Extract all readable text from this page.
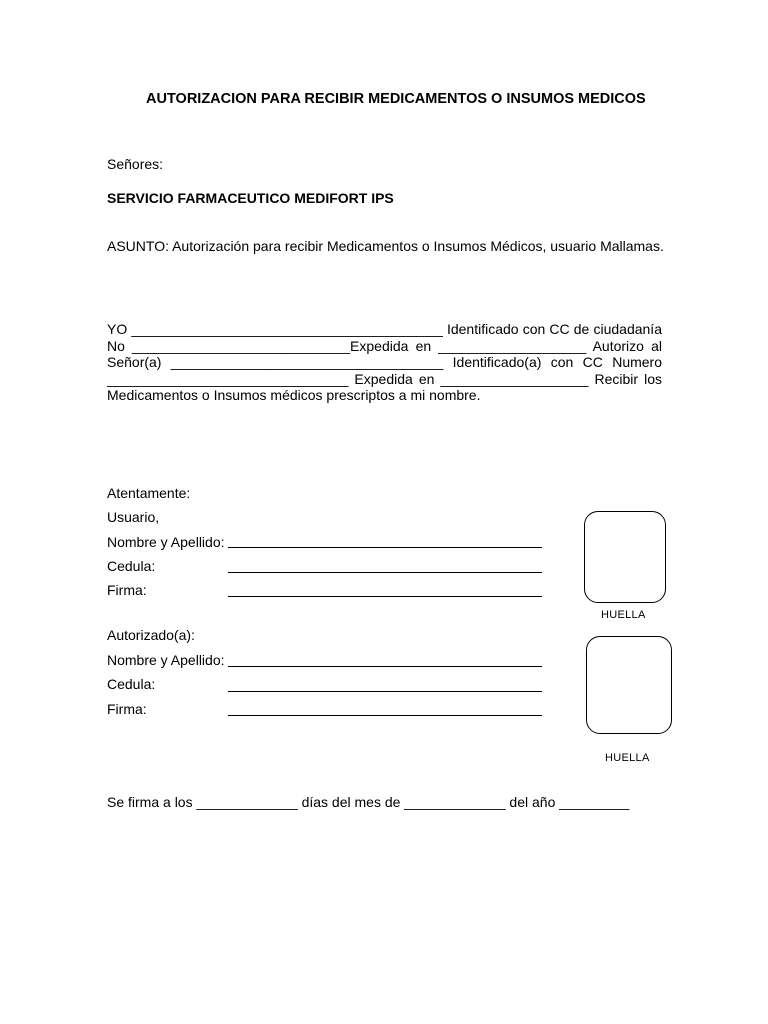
AUTORIZACION PARA RECIBIR MEDICAMENTOS O INSUMOS MEDICOS
Señores:
SERVICIO FARMACEUTICO MEDIFORT IPS
ASUNTO: Autorización para recibir Medicamentos o Insumos Médicos, usuario Mallamas.
YO ________________________________________ Identificado con CC de ciudadanía
No ____________________________Expedida en ___________________ Autorizo al
Señor(a) ___________________________________ Identificado(a) con CC Numero
_______________________________ Expedida en ___________________ Recibir los
Medicamentos o Insumos médicos prescriptos a mi nombre.
Atentamente:
Usuario,
Nombre y Apellido:
Cedula:
Firma:
HUELLA
Autorizado(a):
Nombre y Apellido:
Cedula:
Firma:
HUELLA
Se firma a los _____________ días del mes de _____________ del año _________
